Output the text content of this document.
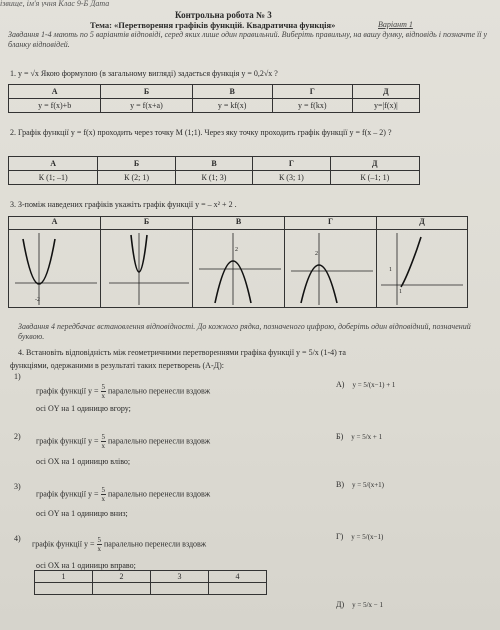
ізвище, ім'я учня Клас 9-Б Дата
Контрольна робота № 3
Тема: «Перетворення графіків функцій. Квадратична функція»	Варіант 1
Завдання 1-4 мають по 5 варіантів відповіді, серед яких лише один правильний. Виберіть правильну, на вашу думку, відповідь і позначте її у бланку відповідей.
1. y = √x Якою формулою (в загальному вигляді) задається функція y = 0,2√x ?
А	Б	В	Г	Д
y = f(x)+b	y = f(x+a)	y = kf(x)	y = f(kx)	y=|f(x)|
2. Графік функції y = f(x) проходить через точку М (1;1). Через яку точку проходить графік функції y = f(x – 2) ?
А	Б	В	Г	Д
К (1; –1)	К (2; 1)	К (1; 3)	К (3; 1)	К (–1; 1)
3. З-поміж наведених графіків укажіть графік функції y = – x² + 2 .
А	Б	В	Г	Д
-2
2
2
1
1
Завдання 4 передбачає встановлення відповідності. До кожного рядка, позначеного цифрою, доберіть один відповідний, позначений буквою.
4. Встановіть відповідність між геометричними перетвореннями графіка функції y = 5/x (1-4) та
функціями, одержаними в результаті таких перетворень (А-Д):
1)
графік функції $y = \frac{5}{x}$ паралельно перенесли вздовж
осі OY на 1 одиницю вгору;
2) графік функції $y = \frac{5}{x}$ паралельно перенесли вздовж
осі OX на 1 одиницю вліво;
3)
графік функції $y = \frac{5}{x}$ паралельно перенесли вздовж
осі OY на 1 одиницю вниз;
4)
графік функції $y = \frac{5}{x}$ паралельно перенесли вздовж
осі OX на 1 одиницю вправо;
1	2	3	4

А) y = 5/(x−1) + 1
Б) y = 5/x + 1
В) y = 5/(x+1)
Г) y = 5/(x−1)
Д) y = 5/x − 1
